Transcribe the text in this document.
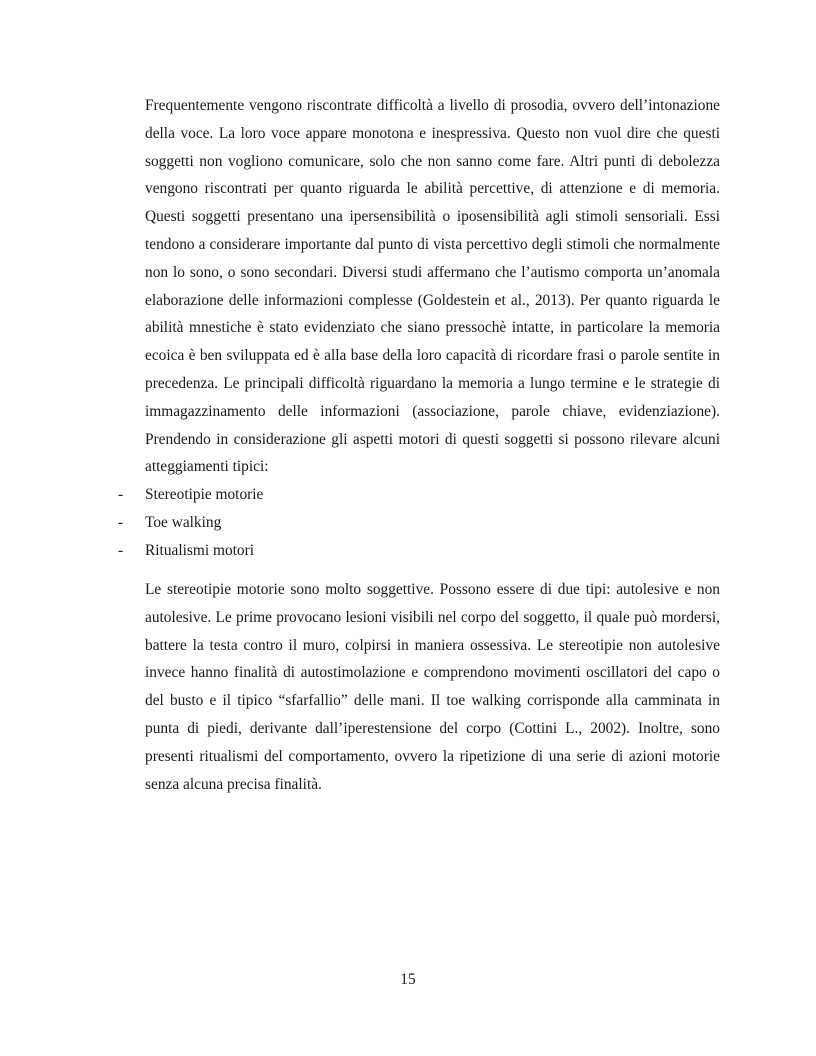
Frequentemente vengono riscontrate difficoltà a livello di prosodia, ovvero dell’intonazione della voce. La loro voce appare monotona e inespressiva. Questo non vuol dire che questi soggetti non vogliono comunicare, solo che non sanno come fare. Altri punti di debolezza vengono riscontrati per quanto riguarda le abilità percettive, di attenzione e di memoria. Questi soggetti presentano una ipersensibilità o iposensibilità agli stimoli sensoriali. Essi tendono a considerare importante dal punto di vista percettivo degli stimoli che normalmente non lo sono, o sono secondari. Diversi studi affermano che l’autismo comporta un’anomala elaborazione delle informazioni complesse (Goldestein et al., 2013). Per quanto riguarda le abilità mnestiche è stato evidenziato che siano pressochè intatte, in particolare la memoria ecoica è ben sviluppata ed è alla base della loro capacità di ricordare frasi o parole sentite in precedenza. Le principali difficoltà riguardano la memoria a lungo termine e le strategie di immagazzinamento delle informazioni (associazione, parole chiave, evidenziazione). Prendendo in considerazione gli aspetti motori di questi soggetti si possono rilevare alcuni atteggiamenti tipici:

- Stereotipie motorie
- Toe walking
- Ritualismi motori

Le stereotipie motorie sono molto soggettive. Possono essere di due tipi: autolesive e non autolesive. Le prime provocano lesioni visibili nel corpo del soggetto, il quale può mordersi, battere la testa contro il muro, colpirsi in maniera ossessiva. Le stereotipie non autolesive invece hanno finalità di autostimolazione e comprendono movimenti oscillatori del capo o del busto e il tipico “sfarfallio” delle mani. Il toe walking corrisponde alla camminata in punta di piedi, derivante dall’iperestensione del corpo (Cottini L., 2002). Inoltre, sono presenti ritualismi del comportamento, ovvero la ripetizione di una serie di azioni motorie senza alcuna precisa finalità.

15
